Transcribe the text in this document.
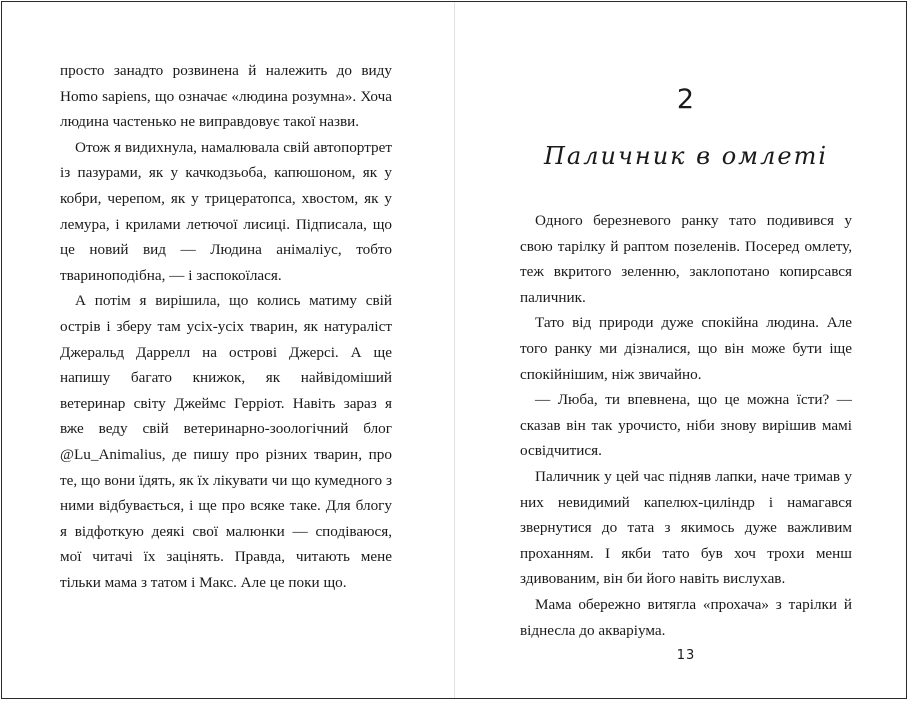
просто занадто розвинена й належить до виду Homo sapiens, що означає «людина розумна». Хоча людина частенько не виправдовує такої назви.

Отож я видихнула, намалювала свій автопортрет із пазурами, як у качкодзьоба, капюшоном, як у кобри, черепом, як у трицератопса, хвостом, як у лемура, і крилами летючої лисиці. Підписала, що це новий вид — Людина анімаліус, тобто твариноподібна, — і заспокоїлася.

А потім я вирішила, що колись матиму свій острів і зберу там усіх-усіх тварин, як натураліст Джеральд Даррелл на острові Джерсі. А ще напишу багато книжок, як найвідоміший ветеринар світу Джеймс Герріот. Навіть зараз я вже веду свій ветеринарно-зоологічний блог @Lu_Animalius, де пишу про різних тварин, про те, що вони їдять, як їх лікувати чи що кумедного з ними відбувається, і ще про всяке таке. Для блогу я відфоткую деякі свої малюнки — сподіваюся, мої читачі їх зацінять. Правда, читають мене тільки мама з татом і Макс. Але це поки що.

2
Паличник в омлеті

Одного березневого ранку тато подивився у свою тарілку й раптом позеленів. Посеред омлету, теж вкритого зеленню, заклопотано копирсався паличник.

Тато від природи дуже спокійна людина. Але того ранку ми дізналися, що він може бути іще спокійнішим, ніж звичайно.

— Люба, ти впевнена, що це можна їсти? — сказав він так урочисто, ніби знову вирішив мамі освідчитися.

Паличник у цей час підняв лапки, наче тримав у них невидимий капелюх-циліндр і намагався звернутися до тата з якимось дуже важливим проханням. І якби тато був хоч трохи менш здивованим, він би його навіть вислухав.

Мама обережно витягла «прохача» з тарілки й віднесла до акваріума.

13
